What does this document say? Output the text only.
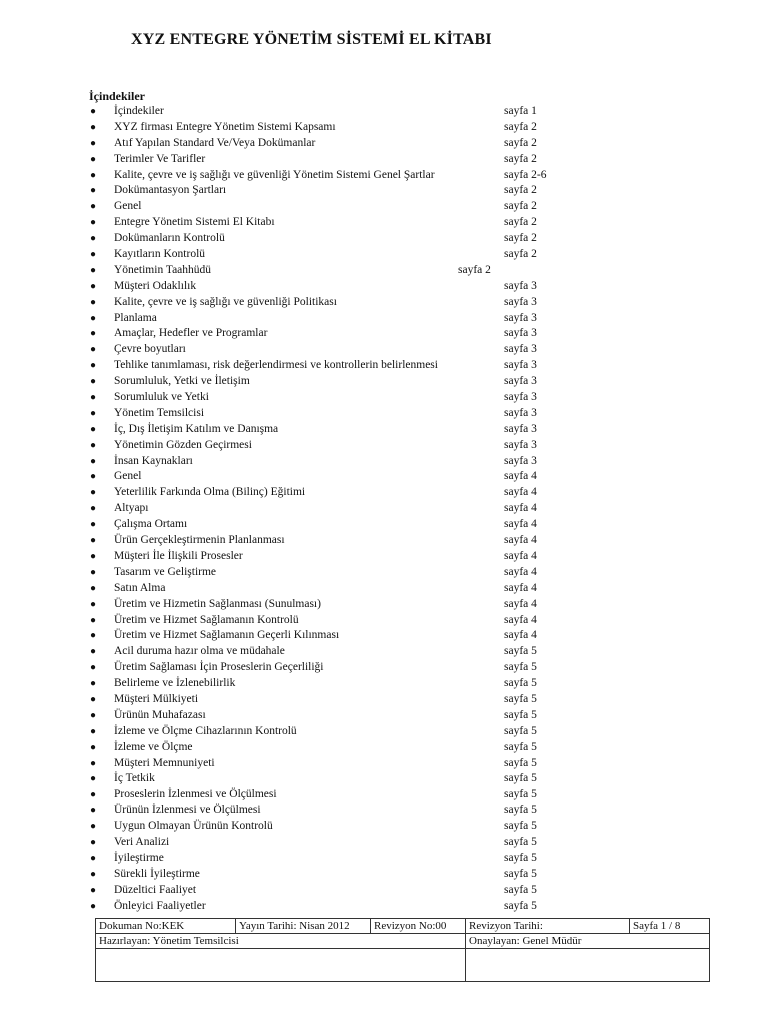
XYZ ENTEGRE YÖNETİM SİSTEMİ EL KİTABI
İçindekiler
● İçindekiler	sayfa 1
● XYZ firması Entegre Yönetim Sistemi Kapsamı	sayfa 2
● Atıf Yapılan Standard Ve/Veya Dokümanlar	sayfa 2
● Terimler Ve Tarifler	sayfa 2
● Kalite, çevre ve iş sağlığı ve güvenliği Yönetim Sistemi Genel Şartlar	sayfa 2-6
● Dokümantasyon Şartları	sayfa 2
● Genel	sayfa 2
● Entegre Yönetim Sistemi El Kitabı	sayfa 2
● Dokümanların Kontrolü	sayfa 2
● Kayıtların Kontrolü	sayfa 2
● Yönetimin Taahhüdü	sayfa 2
● Müşteri Odaklılık	sayfa 3
● Kalite, çevre ve iş sağlığı ve güvenliği Politikası	sayfa 3
● Planlama	sayfa 3
● Amaçlar, Hedefler ve Programlar	sayfa 3
● Çevre boyutları	sayfa 3
● Tehlike tanımlaması, risk değerlendirmesi ve kontrollerin belirlenmesi	sayfa 3
● Sorumluluk, Yetki ve İletişim	sayfa 3
● Sorumluluk ve Yetki	sayfa 3
● Yönetim Temsilcisi	sayfa 3
● İç, Dış İletişim Katılım ve Danışma	sayfa 3
● Yönetimin Gözden Geçirmesi	sayfa 3
● İnsan Kaynakları	sayfa 3
● Genel	sayfa 4
● Yeterlilik Farkında Olma (Bilinç) Eğitimi	sayfa 4
● Altyapı	sayfa 4
● Çalışma Ortamı	sayfa 4
● Ürün Gerçekleştirmenin Planlanması	sayfa 4
● Müşteri İle İlişkili Prosesler	sayfa 4
● Tasarım ve Geliştirme	sayfa 4
● Satın Alma	sayfa 4
● Üretim ve Hizmetin Sağlanması (Sunulması)	sayfa 4
● Üretim ve Hizmet Sağlamanın Kontrolü	sayfa 4
● Üretim ve Hizmet Sağlamanın Geçerli Kılınması	sayfa 4
● Acil duruma hazır olma ve müdahale	sayfa 5
● Üretim Sağlaması İçin Proseslerin Geçerliliği	sayfa 5
● Belirleme ve İzlenebilirlik	sayfa 5
● Müşteri Mülkiyeti	sayfa 5
● Ürünün Muhafazası	sayfa 5
● İzleme ve Ölçme Cihazlarının Kontrolü	sayfa 5
● İzleme ve Ölçme	sayfa 5
● Müşteri Memnuniyeti	sayfa 5
● İç Tetkik	sayfa 5
● Proseslerin İzlenmesi ve Ölçülmesi	sayfa 5
● Ürünün İzlenmesi ve Ölçülmesi	sayfa 5
● Uygun Olmayan Ürünün Kontrolü	sayfa 5
● Veri Analizi	sayfa 5
● İyileştirme	sayfa 5
● Sürekli İyileştirme	sayfa 5
● Düzeltici Faaliyet	sayfa 5
● Önleyici Faaliyetler	sayfa 5
Dokuman No:KEK	Yayın Tarihi: Nisan 2012	Revizyon No:00	Revizyon Tarihi:	Sayfa 1 / 8
Hazırlayan: Yönetim Temsilcisi			Onaylayan: Genel Müdür	
